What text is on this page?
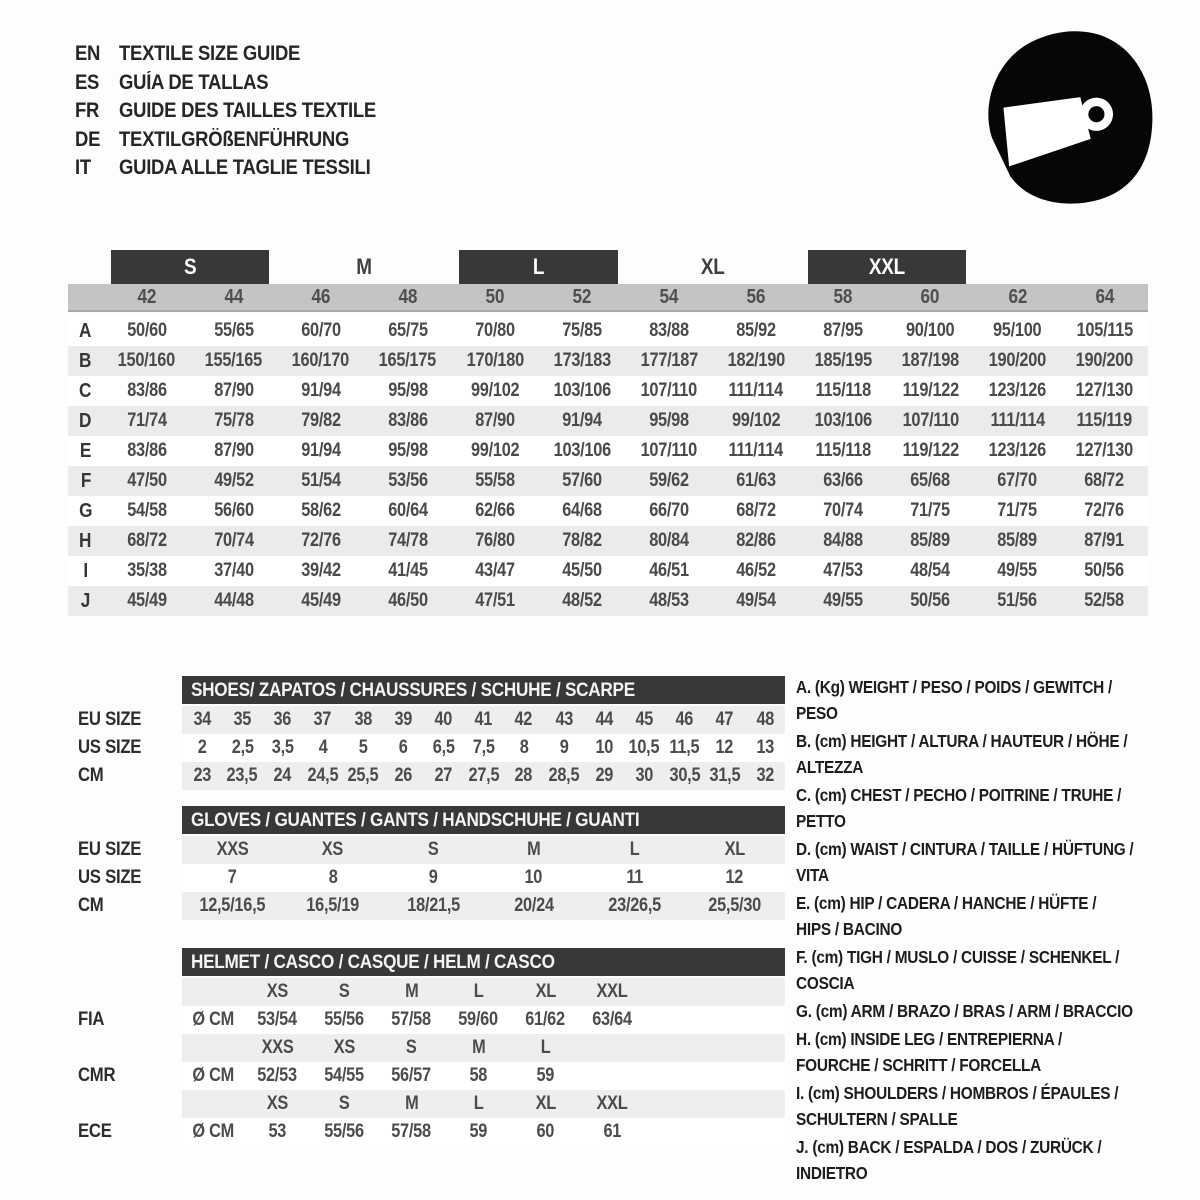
EN TEXTILE SIZE GUIDE
ES GUÍA DE TALLAS
FR GUIDE DES TAILLES TEXTILE
DE TEXTILGRÖßENFÜHRUNG
IT	GUIDA ALLE TAGLIE TESSILI
S	M	L	XL	XXL
42	44	46	48	50	52	54	56	58	60	62	64
A 50/60 55/65 60/70 65/75 70/80 75/85 83/88 85/92 87/95 90/100 95/100 105/115
B 150/160 155/165 160/170 165/175 170/180 173/183 177/187 182/190 185/195 187/198 190/200 190/200
C 83/86 87/90 91/94 95/98 99/102 103/106 107/110 111/114 115/118 119/122 123/126 127/130
D 71/74 75/78 79/82 83/86 87/90 91/94 95/98 99/102 103/106 107/110 111/114 115/119
E 83/86 87/90 91/94 95/98 99/102 103/106 107/110 111/114 115/118 119/122 123/126 127/130
F 47/50 49/52 51/54 53/56 55/58 57/60 59/62 61/63 63/66 65/68 67/70 68/72
G 54/58 56/60 58/62 60/64 62/66 64/68 66/70 68/72 70/74 71/75 71/75 72/76
H 68/72 70/74 72/76 74/78 76/80 78/82 80/84 82/86 84/88 85/89 85/89 87/91
I 35/38 37/40 39/42 41/45 43/47 45/50 46/51 46/52 47/53 48/54 49/55 50/56
J 45/49 44/48 45/49 46/50 47/51 48/52 48/53 49/54 49/55 50/56 51/56 52/58
SHOES/ ZAPATOS / CHAUSSURES / SCHUHE / SCARPE
EU SIZE	34 35 36 37 38 39 40 41 42 43 44 45 46 47 48
US SIZE	2 2,5 3,5 4 5 6 6,5 7,5 8 9 10 10,5 11,5 12 13
CM	23 23,5 24 24,5 25,5 26 27 27,5 28 28,5 29 30 30,5 31,5 32
GLOVES / GUANTES / GANTS / HANDSCHUHE / GUANTI
EU SIZE	XXS	XS	S	M	L	XL
US SIZE	7	8	9	10	11	12
CM	12,5/16,5 16,5/19	18/21,5	20/24	23/26,5	25,5/30
HELMET / CASCO / CASQUE / HELM / CASCO
XS	S	M	L	XL XXL
FIA	Ø CM 53/54 55/56 57/58 59/60 61/62 63/64
XXS XS	S	M	L
CMR	Ø CM 52/53 54/55 56/57 58	59
XS	S	M	L	XL XXL
ECE	Ø CM 53 55/56 57/58 59	60	61
A. (Kg) WEIGHT / PESO / POIDS / GEWITCH / PESO
B. (cm) HEIGHT / ALTURA / HAUTEUR / HÖHE / ALTEZZA
C. (cm) CHEST / PECHO / POITRINE / TRUHE / PETTO
D. (cm) WAIST / CINTURA / TAILLE / HÜFTUNG / VITA
E. (cm) HIP / CADERA / HANCHE / HÜFTE / HIPS / BACINO
F. (cm) TIGH / MUSLO / CUISSE / SCHENKEL / COSCIA
G. (cm) ARM / BRAZO / BRAS / ARM / BRACCIO
H. (cm) INSIDE LEG / ENTREPIERNA / FOURCHE / SCHRITT / FORCELLA
I. (cm) SHOULDERS / HOMBROS / ÉPAULES / SCHULTERN / SPALLE
J. (cm) BACK / ESPALDA / DOS / ZURÜCK / INDIETRO
